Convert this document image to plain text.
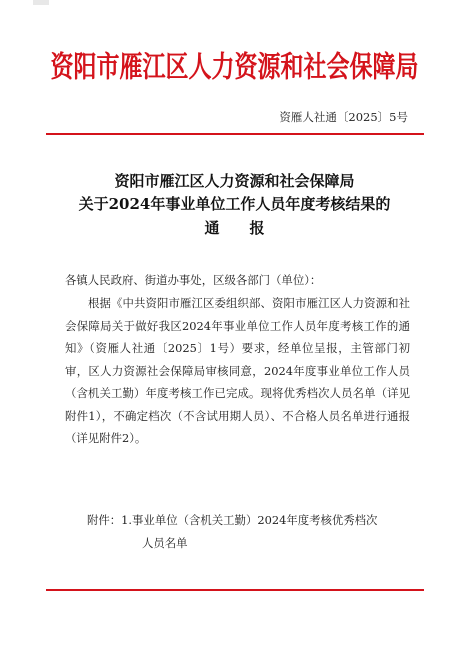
资阳市雁江区人力资源和社会保障局
资雁人社通〔2025〕5号
资阳市雁江区人力资源和社会保障局
关于2024年事业单位工作人员年度考核结果的
通 报
各镇人民政府、街道办事处，区级各部门（单位）：
根据《中共资阳市雁江区委组织部、资阳市雁江区人力资源和社会保障局关于做好我区2024年事业单位工作人员年度考核工作的通知》（资雁人社通〔2025〕1号）要求，经单位呈报，主管部门初审，区人力资源社会保障局审核同意，2024年度事业单位工作人员（含机关工勤）年度考核工作已完成。现将优秀档次人员名单（详见附件1），不确定档次（不含试用期人员）、不合格人员名单进行通报（详见附件2）。
附件：1.事业单位（含机关工勤）2024年度考核优秀档次
人员名单
